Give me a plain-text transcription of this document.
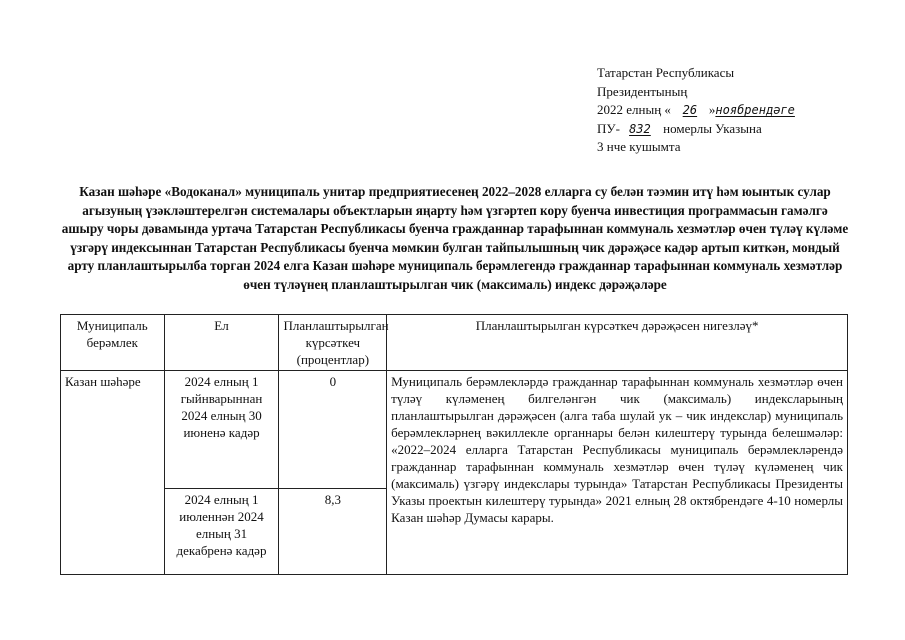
Татарстан Республикасы
Президентының
2022 елның « 26 »ноябрендәге
ПУ- 832 номерлы Указына
3 нче кушымта
Казан шәһәре «Водоканал» муниципаль унитар предприятиесенең 2022–2028 елларга су белән тәэмин итү һәм юынтык сулар агызуның үзәкләштерелгән системалары объектларын яңарту һәм үзгәртеп кору буенча инвестиция программасын гамәлгә ашыру чоры дәвамында уртача Татарстан Республикасы буенча гражданнар тарафыннан коммуналь хезмәтләр өчен түләү күләме үзгәрү индексыннан Татарстан Республикасы буенча мөмкин булган тайпылышның чик дәрәҗәсе кадәр артып киткән, мондый арту планлаштырылба торган 2024 елга Казан шәһәре муниципаль берәмлегендә гражданнар тарафыннан коммуналь хезмәтләр өчен түләүнең планлаштырылган чик (максималь) индекс дәрәҗәләре
Муниципаль берәмлек	Ел	Планлаштырылган күрсәткеч (процентлар)	Планлаштырылган күрсәткеч дәрәҗәсен нигезләү*
Казан шәһәре	2024 елның 1 гыйнварыннан 2024 елның 30 июненә кадәр	0	Муниципаль берәмлекләрдә гражданнар тарафыннан коммуналь хезмәтләр өчен түләү күләменең билгеләнгән чик (максималь) индексларының планлаштырылган дәрәҗәсен (алга таба шулай ук – чик индекслар) муниципаль берәмлекләрнең вәкиллекле органнары белән килештерү турында белешмәләр: «2022–2024 елларга Татарстан Республикасы муниципаль берәмлекләрендә гражданнар тарафыннан коммуналь хезмәтләр өчен түләү күләменең чик (максималь) үзгәрү индекслары турында» Татарстан Республикасы Президенты Указы проектын килештерү турында» 2021 елның 28 октябрендәге 4-10 номерлы Казан шәһәр Думасы карары.
	2024 елның 1 июленнән 2024 елның 31 декабренә кадәр	8,3	
